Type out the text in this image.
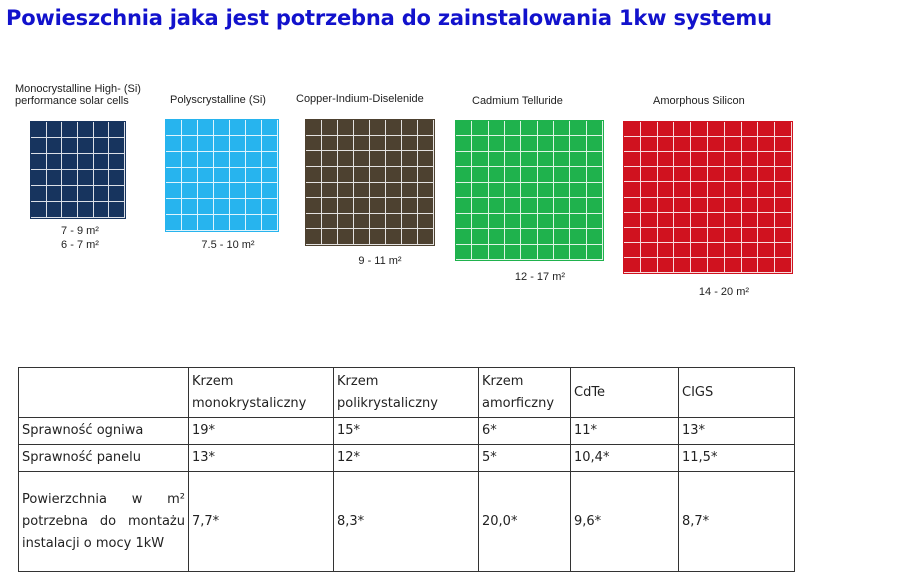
Powieszchnia jaka jest potrzebna do zainstalowania 1kw systemu
Monocrystalline High- (Si)
performance solar cells	Polyscrystalline (Si)	Copper-Indium-Diselenide	Cadmium Telluride	Amorphous Silicon
7 - 9 m²
6 - 7 m²	7.5 - 10 m²
9 - 11 m²
12 - 17 m²
14 - 20 m²
	Krzem monokrystaliczny	Krzem polikrystaliczny	Krzem amorficzny	CdTe	CIGS
Sprawność ogniwa	19*	15*	6*	11*	13*
Sprawność panelu	13*	12*	5*	10,4*	11,5*
Powierzchnia w m² potrzebna do montażu instalacji o mocy 1kW	7,7*	8,3*	20,0*	9,6*	8,7*
